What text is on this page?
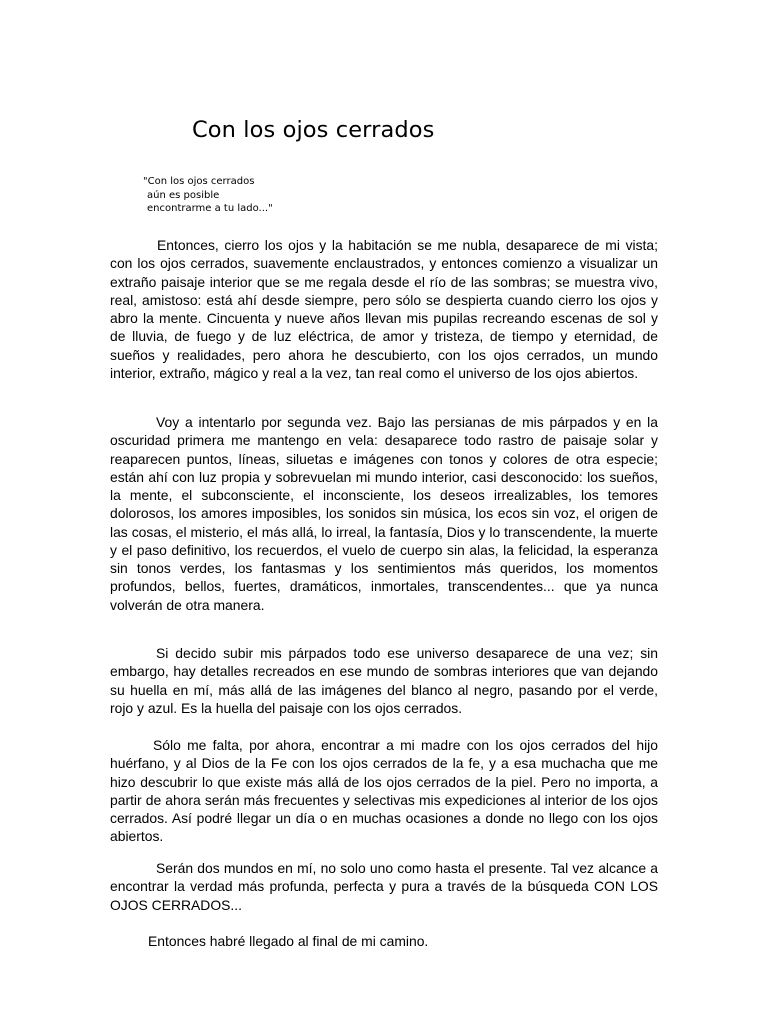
Con los ojos cerrados
"Con los ojos cerrados
aún es posible
encontrarme a tu lado..."

Entonces, cierro los ojos y la habitación se me nubla, desaparece de mi vista; con los ojos cerrados, suavemente enclaustrados, y entonces comienzo a visualizar un extraño paisaje interior que se me regala desde el río de las sombras; se muestra vivo, real, amistoso: está ahí desde siempre, pero sólo se despierta cuando cierro los ojos y abro la mente. Cincuenta y nueve años llevan mis pupilas recreando escenas de sol y de lluvia, de fuego y de luz eléctrica, de amor y tristeza, de tiempo y eternidad, de sueños y realidades, pero ahora he descubierto, con los ojos cerrados, un mundo interior, extraño, mágico y real a la vez, tan real como el universo de los ojos abiertos.

Voy a intentarlo por segunda vez. Bajo las persianas de mis párpados y en la oscuridad primera me mantengo en vela: desaparece todo rastro de paisaje solar y reaparecen puntos, líneas, siluetas e imágenes con tonos y colores de otra especie; están ahí con luz propia y sobrevuelan mi mundo interior, casi desconocido: los sueños, la mente, el subconsciente, el inconsciente, los deseos irrealizables, los temores dolorosos, los amores imposibles, los sonidos sin música, los ecos sin voz, el origen de las cosas, el misterio, el más allá, lo irreal, la fantasía, Dios y lo transcendente, la muerte y el paso definitivo, los recuerdos, el vuelo de cuerpo sin alas, la felicidad, la esperanza sin tonos verdes, los fantasmas y los sentimientos más queridos, los momentos profundos, bellos, fuertes, dramáticos, inmortales, transcendentes... que ya nunca volverán de otra manera.

Si decido subir mis párpados todo ese universo desaparece de una vez; sin embargo, hay detalles recreados en ese mundo de sombras interiores que van dejando su huella en mí, más allá de las imágenes del blanco al negro, pasando por el verde, rojo y azul. Es la huella del paisaje con los ojos cerrados.

Sólo me falta, por ahora, encontrar a mi madre con los ojos cerrados del hijo huérfano, y al Dios de la Fe con los ojos cerrados de la fe, y a esa muchacha que me hizo descubrir lo que existe más allá de los ojos cerrados de la piel. Pero no importa, a partir de ahora serán más frecuentes y selectivas mis expediciones al interior de los ojos cerrados. Así podré llegar un día o en muchas ocasiones a donde no llego con los ojos abiertos.

Serán dos mundos en mí, no solo uno como hasta el presente. Tal vez alcance a encontrar la verdad más profunda, perfecta y pura a través de la búsqueda CON LOS OJOS CERRADOS...

Entonces habré llegado al final de mi camino.
